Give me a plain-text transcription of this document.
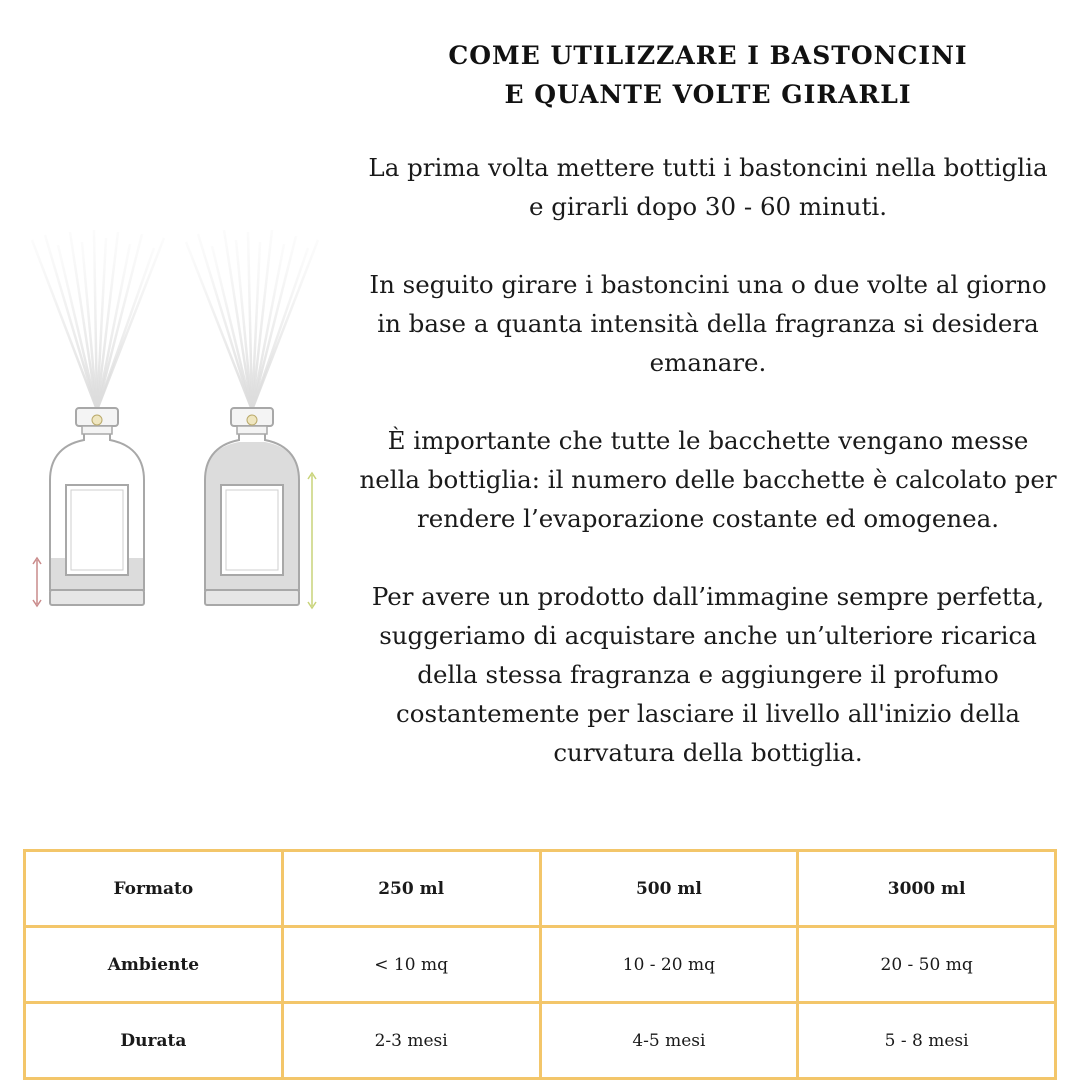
COME UTILIZZARE I BASTONCINI
E QUANTE VOLTE GIRARLI

La prima volta mettere tutti i bastoncini nella bottiglia e girarli dopo 30 - 60 minuti.

In seguito girare i bastoncini una o due volte al giorno in base a quanta intensità della fragranza si desidera emanare.

È importante che tutte le bacchette vengano messe nella bottiglia: il numero delle bacchette è calcolato per rendere l’evaporazione costante ed omogenea.

Per avere un prodotto dall’immagine sempre perfetta, suggeriamo di acquistare anche un’ulteriore ricarica della stessa fragranza e aggiungere il profumo costantemente per lasciare il livello all'inizio della curvatura della bottiglia.

Formato	250 ml	500 ml	3000 ml
Ambiente	< 10 mq	10 - 20 mq	20 - 50 mq
Durata	2-3 mesi	4-5 mesi	5 - 8 mesi
